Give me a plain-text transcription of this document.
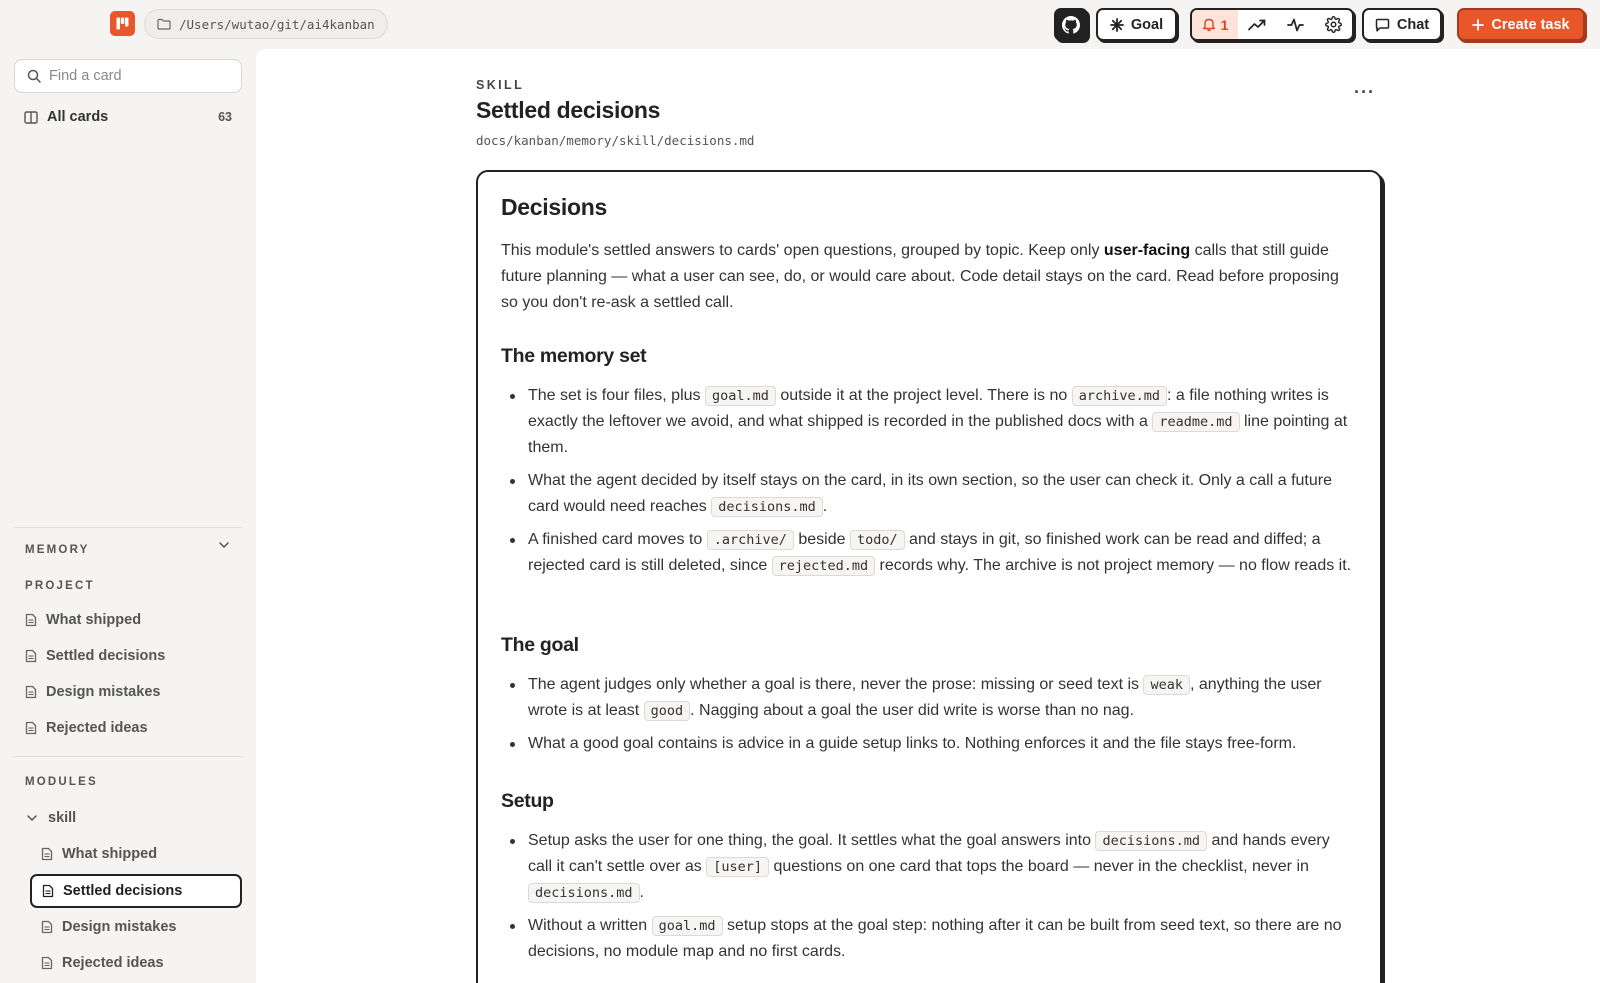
/Users/wutao/git/ai4kanban	Goal	1	Chat	Create task
Find a card
All cards	63
MEMORY
PROJECT
What shipped
Settled decisions
Design mistakes
Rejected ideas
MODULES
skill
What shipped
Settled decisions
Design mistakes
Rejected ideas
SKILL
Settled decisions
docs/kanban/memory/skill/decisions.md
···
Decisions

This module's settled answers to cards' open questions, grouped by topic. Keep only user-facing calls that still guide future planning — what a user can see, do, or would care about. Code detail stays on the card. Read before proposing so you don't re-ask a settled call.

The memory set
The set is four files, plus goal.md outside it at the project level. There is no archive.md : a file nothing writes is exactly the leftover we avoid, and what shipped is recorded in the published docs with a readme.md line pointing at them.
What the agent decided by itself stays on the card, in its own section, so the user can check it. Only a call a future card would need reaches decisions.md .
A finished card moves to .archive/ beside todo/ and stays in git, so finished work can be read and diffed; a rejected card is still deleted, since rejected.md records why. The archive is not project memory — no flow reads it.
The goal
The agent judges only whether a goal is there, never the prose: missing or seed text is weak , anything the user wrote is at least good . Nagging about a goal the user did write is worse than no nag.
What a good goal contains is advice in a guide setup links to. Nothing enforces it and the file stays free-form.
Setup
Setup asks the user for one thing, the goal. It settles what the goal answers into decisions.md and hands every call it can't settle over as [user] questions on one card that tops the board — never in the checklist, never in decisions.md .
Without a written goal.md setup stops at the goal step: nothing after it can be built from seed text, so there are no decisions, no module map and no first cards.
